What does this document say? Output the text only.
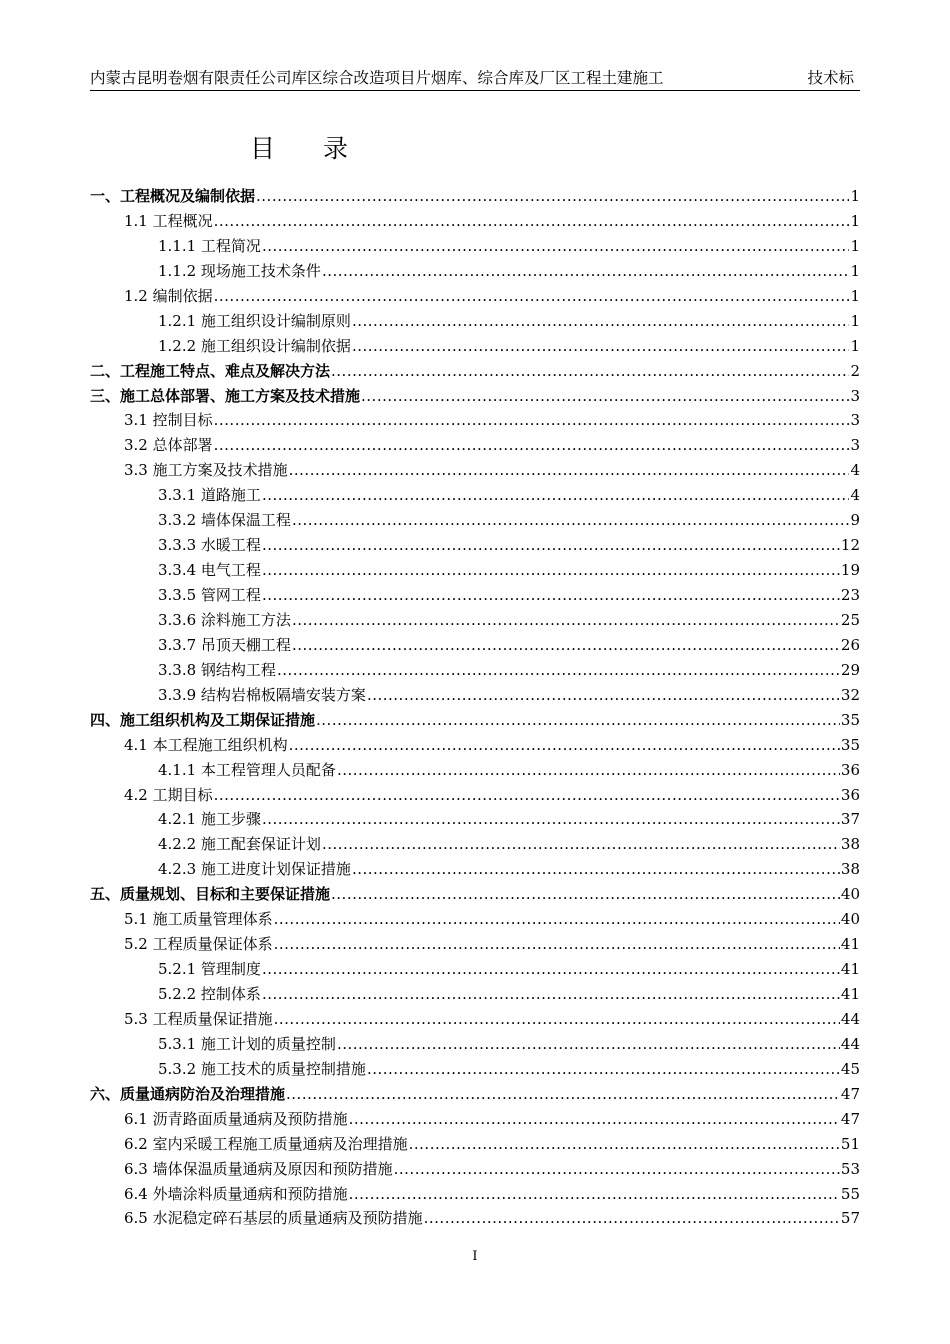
内蒙古昆明卷烟有限责任公司库区综合改造项目片烟库、综合库及厂区工程土建施工	技术标
目录
一、工程概况及编制依据 .....	1
1.1 工程概况 .....	1
1.1.1 工程简况 .....	1
1.1.2 现场施工技术条件 .....	1
1.2 编制依据 .....	1
1.2.1 施工组织设计编制原则 .....	1
1.2.2 施工组织设计编制依据 .....	1
二、工程施工特点、难点及解决方法 .....	2
三、施工总体部署、施工方案及技术措施 .....	3
3.1 控制目标 .....	3
3.2 总体部署 .....	3
3.3 施工方案及技术措施 .....	4
3.3.1 道路施工 .....	4
3.3.2 墙体保温工程 .....	9
3.3.3 水暖工程 .....	12
3.3.4 电气工程 .....	19
3.3.5 管网工程 .....	23
3.3.6 涂料施工方法 .....	25
3.3.7 吊顶天棚工程 .....	26
3.3.8 钢结构工程 .....	29
3.3.9 结构岩棉板隔墙安装方案 .....	32
四、施工组织机构及工期保证措施 .....	35
4.1 本工程施工组织机构 .....	35
4.1.1 本工程管理人员配备 .....	36
4.2 工期目标 .....	36
4.2.1 施工步骤 .....	37
4.2.2 施工配套保证计划 .....	38
4.2.3 施工进度计划保证措施 .....	38
五、质量规划、目标和主要保证措施 .....	40
5.1 施工质量管理体系 .....	40
5.2 工程质量保证体系 .....	41
5.2.1 管理制度 .....	41
5.2.2 控制体系 .....	41
5.3 工程质量保证措施 .....	44
5.3.1 施工计划的质量控制 .....	44
5.3.2 施工技术的质量控制措施 .....	45
六、质量通病防治及治理措施 .....	47
6.1 沥青路面质量通病及预防措施 .....	47
6.2 室内采暖工程施工质量通病及治理措施 .....	51
6.3 墙体保温质量通病及原因和预防措施 .....	53
6.4 外墙涂料质量通病和预防措施 .....	55
6.5 水泥稳定碎石基层的质量通病及预防措施 .....	57
I
